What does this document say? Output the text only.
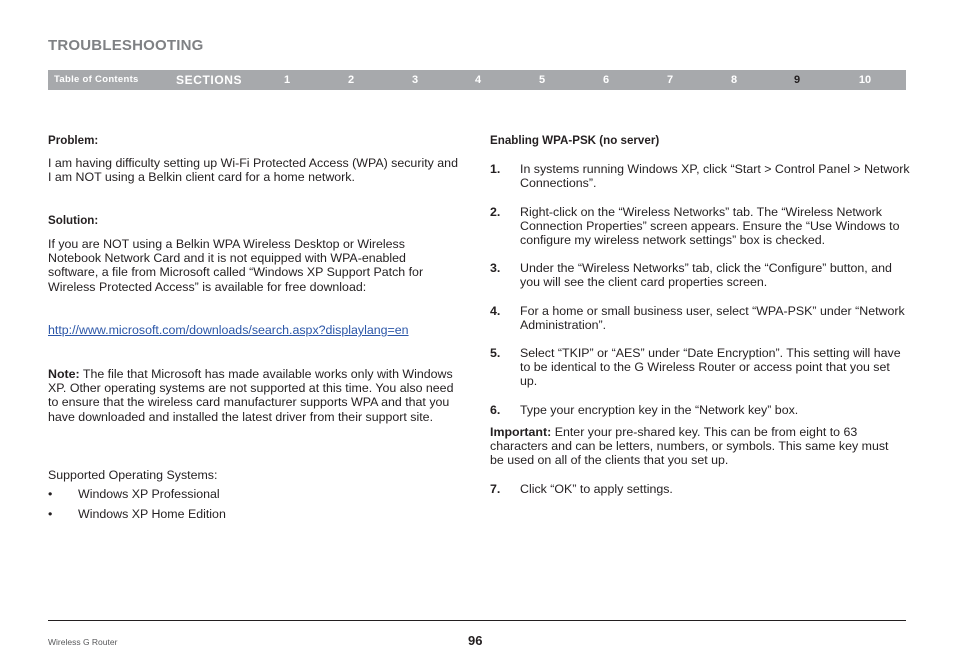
TROUBLESHOOTING
Table of Contents	SECTIONS	1	2	3	4	5	6	7	8	9	10
Problem:
I am having difficulty setting up Wi-Fi Protected Access (WPA) security and I am NOT using a Belkin client card for a home network.
Solution:
If you are NOT using a Belkin WPA Wireless Desktop or Wireless Notebook Network Card and it is not equipped with WPA-enabled software, a file from Microsoft called “Windows XP Support Patch for Wireless Protected Access” is available for free download:
http://www.microsoft.com/downloads/search.aspx?displaylang=en
Note: The file that Microsoft has made available works only with Windows XP. Other operating systems are not supported at this time. You also need to ensure that the wireless card manufacturer supports WPA and that you have downloaded and installed the latest driver from their support site.
Supported Operating Systems:
• Windows XP Professional
• Windows XP Home Edition
Enabling WPA-PSK (no server)
1. In systems running Windows XP, click “Start > Control Panel > Network Connections”.
2. Right-click on the “Wireless Networks” tab. The “Wireless Network Connection Properties” screen appears. Ensure the “Use Windows to configure my wireless network settings” box is checked.
3. Under the “Wireless Networks” tab, click the “Configure” button, and you will see the client card properties screen.
4. For a home or small business user, select “WPA-PSK” under “Network Administration”.
5. Select “TKIP” or “AES” under “Date Encryption”. This setting will have to be identical to the G Wireless Router or access point that you set up.
6. Type your encryption key in the “Network key” box.
Important: Enter your pre-shared key. This can be from eight to 63 characters and can be letters, numbers, or symbols. This same key must be used on all of the clients that you set up.
7. Click “OK” to apply settings.
Wireless G Router	96
